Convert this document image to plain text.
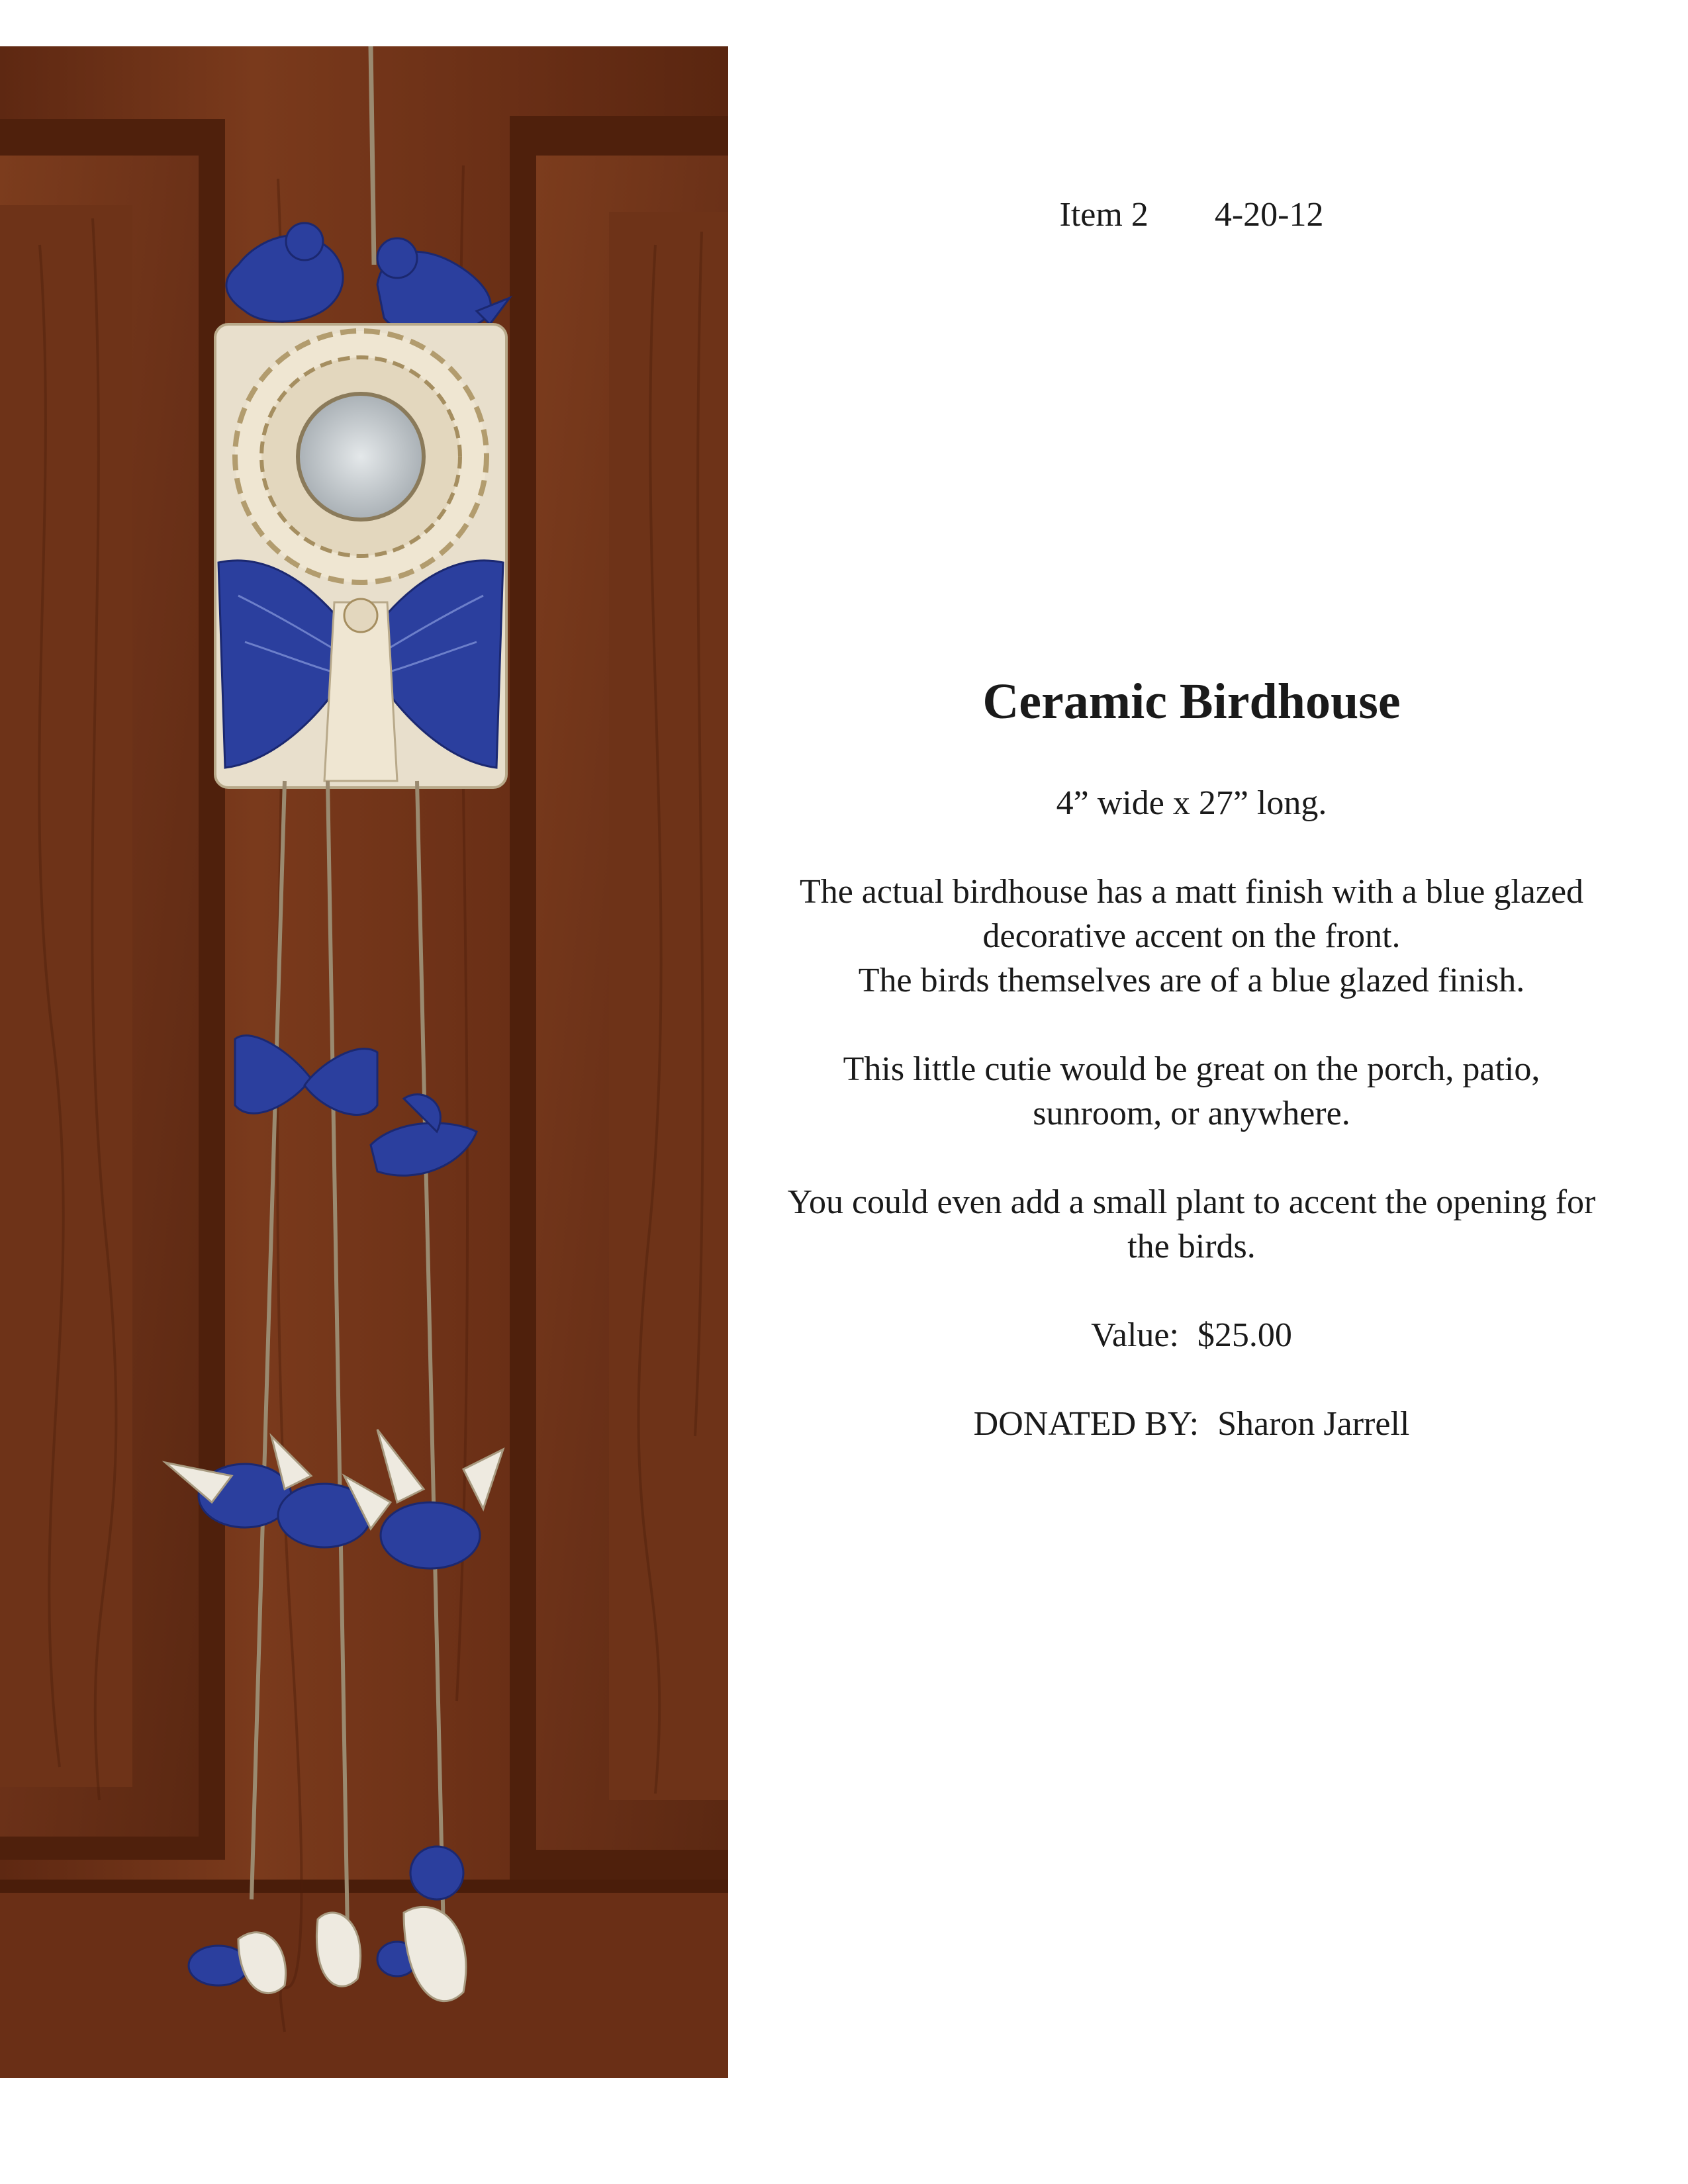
Item 2 4-20-12
Ceramic Birdhouse

4” wide x 27” long.

The actual birdhouse has a matt finish with a blue glazed
decorative accent on the front.
The birds themselves are of a blue glazed finish.

This little cutie would be great on the porch, patio,
sunroom, or anywhere.

You could even add a small plant to accent the opening for
the birds.

Value: $25.00

DONATED BY: Sharon Jarrell
